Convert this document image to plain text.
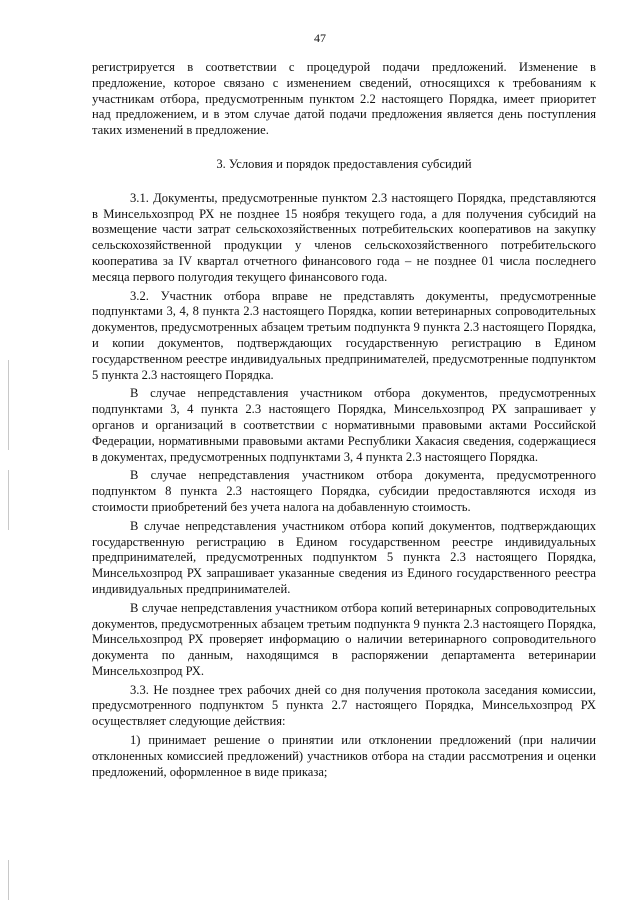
47

регистрируется в соответствии с процедурой подачи предложений. Изменение в предложение, которое связано с изменением сведений, относящихся к требованиям к участникам отбора, предусмотренным пунктом 2.2 настоящего Порядка, имеет приоритет над предложением, и в этом случае датой подачи предложения является день поступления таких изменений в предложение.

3. Условия и порядок предоставления субсидий

3.1. Документы, предусмотренные пунктом 2.3 настоящего Порядка, представляются в Минсельхозпрод РХ не позднее 15 ноября текущего года, а для получения субсидий на возмещение части затрат сельскохозяйственных потребительских кооперативов на закупку сельскохозяйственной продукции у членов сельскохозяйственного потребительского кооператива за IV квартал отчетного финансового года – не позднее 01 числа последнего месяца первого полугодия текущего финансового года.

3.2. Участник отбора вправе не представлять документы, предусмотренные подпунктами 3, 4, 8 пункта 2.3 настоящего Порядка, копии ветеринарных сопроводительных документов, предусмотренных абзацем третьим подпункта 9 пункта 2.3 настоящего Порядка, и копии документов, подтверждающих государственную регистрацию в Едином государственном реестре индивидуальных предпринимателей, предусмотренные подпунктом 5 пункта 2.3 настоящего Порядка.

В случае непредставления участником отбора документов, предусмотренных подпунктами 3, 4 пункта 2.3 настоящего Порядка, Минсельхозпрод РХ запрашивает у органов и организаций в соответствии с нормативными правовыми актами Российской Федерации, нормативными правовыми актами Республики Хакасия сведения, содержащиеся в документах, предусмотренных подпунктами 3, 4 пункта 2.3 настоящего Порядка.

В случае непредставления участником отбора документа, предусмотренного подпунктом 8 пункта 2.3 настоящего Порядка, субсидии предоставляются исходя из стоимости приобретений без учета налога на добавленную стоимость.

В случае непредставления участником отбора копий документов, подтверждающих государственную регистрацию в Едином государственном реестре индивидуальных предпринимателей, предусмотренных подпунктом 5 пункта 2.3 настоящего Порядка, Минсельхозпрод РХ запрашивает указанные сведения из Единого государственного реестра индивидуальных предпринимателей.

В случае непредставления участником отбора копий ветеринарных сопроводительных документов, предусмотренных абзацем третьим подпункта 9 пункта 2.3 настоящего Порядка, Минсельхозпрод РХ проверяет информацию о наличии ветеринарного сопроводительного документа по данным, находящимся в распоряжении департамента ветеринарии Минсельхозпрод РХ.

3.3. Не позднее трех рабочих дней со дня получения протокола заседания комиссии, предусмотренного подпунктом 5 пункта 2.7 настоящего Порядка, Минсельхозпрод РХ осуществляет следующие действия:

1) принимает решение о принятии или отклонении предложений (при наличии отклоненных комиссией предложений) участников отбора на стадии рассмотрения и оценки предложений, оформленное в виде приказа;
